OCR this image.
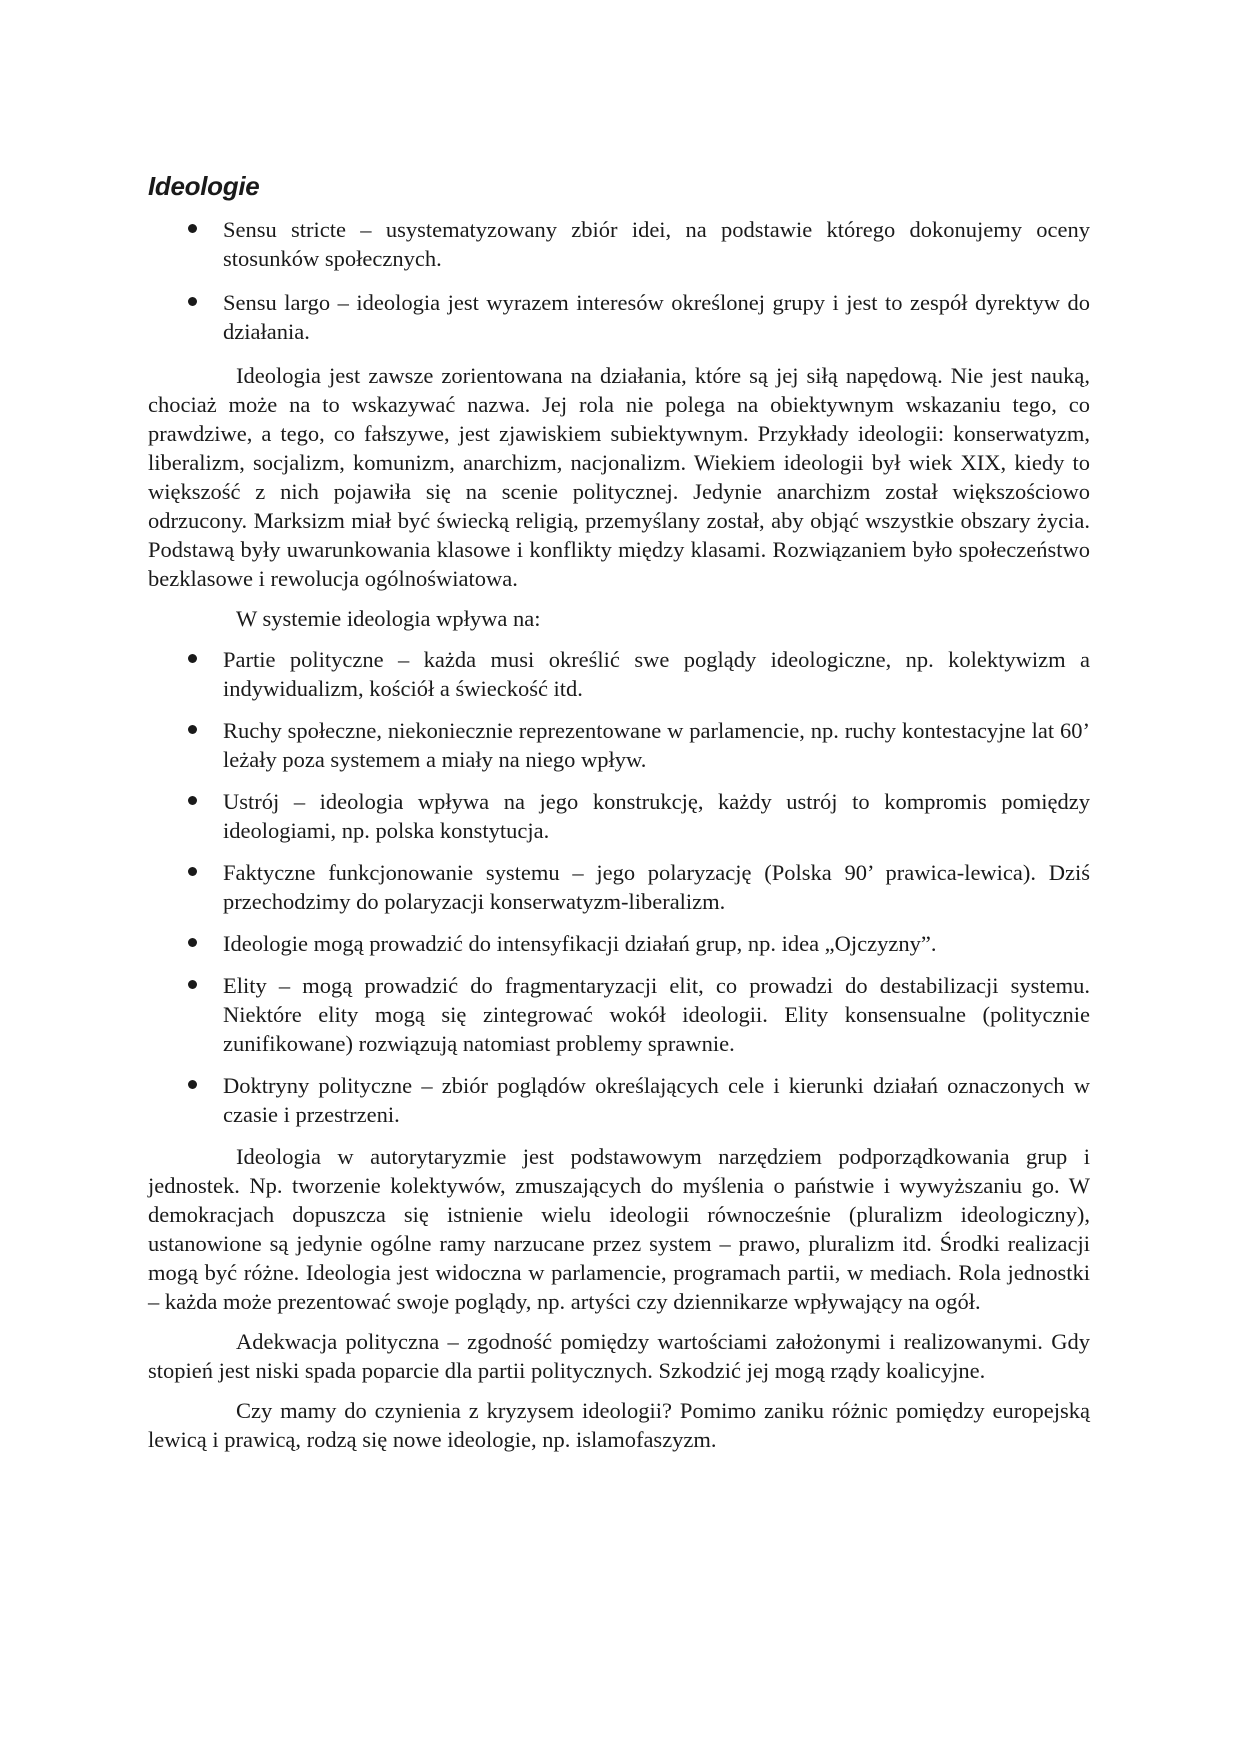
Ideologie
Sensu stricte – usystematyzowany zbiór idei, na podstawie którego dokonujemy oceny stosunków społecznych.
Sensu largo – ideologia jest wyrazem interesów określonej grupy i jest to zespół dyrektyw do działania.

Ideologia jest zawsze zorientowana na działania, które są jej siłą napędową. Nie jest nauką, chociaż może na to wskazywać nazwa. Jej rola nie polega na obiektywnym wskazaniu tego, co prawdziwe, a tego, co fałszywe, jest zjawiskiem subiektywnym. Przykłady ideologii: konserwatyzm, liberalizm, socjalizm, komunizm, anarchizm, nacjonalizm. Wiekiem ideologii był wiek XIX, kiedy to większość z nich pojawiła się na scenie politycznej. Jedynie anarchizm został większościowo odrzucony. Marksizm miał być świecką religią, przemyślany został, aby objąć wszystkie obszary życia. Podstawą były uwarunkowania klasowe i konflikty między klasami. Rozwiązaniem było społeczeństwo bezklasowe i rewolucja ogólnoświatowa.

W systemie ideologia wpływa na:

Partie polityczne – każda musi określić swe poglądy ideologiczne, np. kolektywizm a indywidualizm, kościół a świeckość itd.
Ruchy społeczne, niekoniecznie reprezentowane w parlamencie, np. ruchy kontestacyjne lat 60’ leżały poza systemem a miały na niego wpływ.
Ustrój – ideologia wpływa na jego konstrukcję, każdy ustrój to kompromis pomiędzy ideologiami, np. polska konstytucja.
Faktyczne funkcjonowanie systemu – jego polaryzację (Polska 90’ prawica-lewica). Dziś przechodzimy do polaryzacji konserwatyzm-liberalizm.
Ideologie mogą prowadzić do intensyfikacji działań grup, np. idea „Ojczyzny”.
Elity – mogą prowadzić do fragmentaryzacji elit, co prowadzi do destabilizacji systemu. Niektóre elity mogą się zintegrować wokół ideologii. Elity konsensualne (politycznie zunifikowane) rozwiązują natomiast problemy sprawnie.
Doktryny polityczne – zbiór poglądów określających cele i kierunki działań oznaczonych w czasie i przestrzeni.

Ideologia w autorytaryzmie jest podstawowym narzędziem podporządkowania grup i jednostek. Np. tworzenie kolektywów, zmuszających do myślenia o państwie i wywyższaniu go. W demokracjach dopuszcza się istnienie wielu ideologii równocześnie (pluralizm ideologiczny), ustanowione są jedynie ogólne ramy narzucane przez system – prawo, pluralizm itd. Środki realizacji mogą być różne. Ideologia jest widoczna w parlamencie, programach partii, w mediach. Rola jednostki – każda może prezentować swoje poglądy, np. artyści czy dziennikarze wpływający na ogół.

Adekwacja polityczna – zgodność pomiędzy wartościami założonymi i realizowanymi. Gdy stopień jest niski spada poparcie dla partii politycznych. Szkodzić jej mogą rządy koalicyjne.

Czy mamy do czynienia z kryzysem ideologii? Pomimo zaniku różnic pomiędzy europejską lewicą i prawicą, rodzą się nowe ideologie, np. islamofaszyzm.
